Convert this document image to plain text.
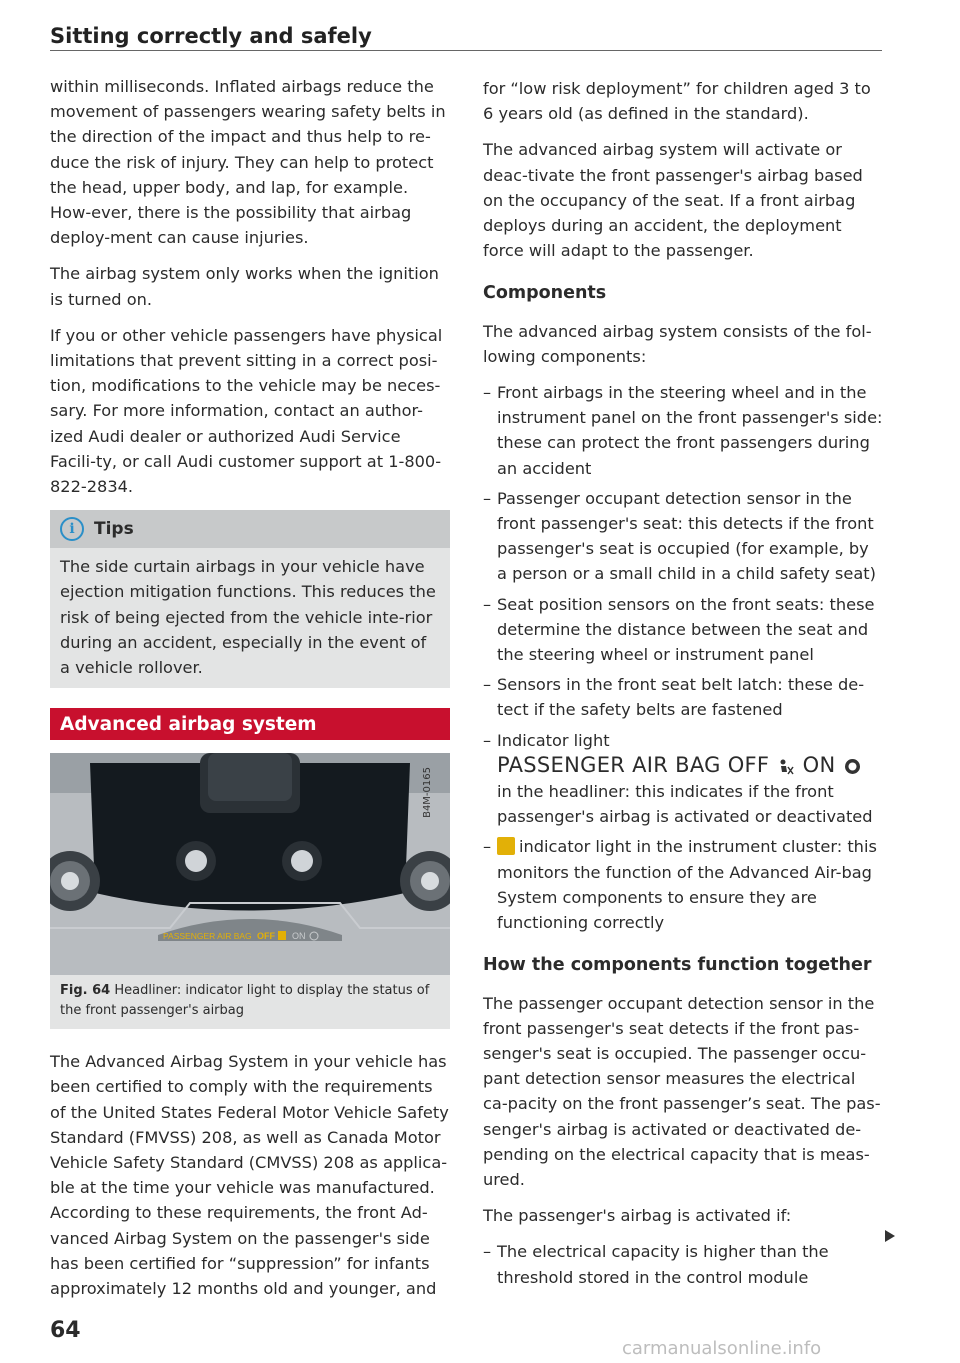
Sitting correctly and safely

within milliseconds. Inflated airbags reduce the movement of passengers wearing safety belts in the direction of the impact and thus help to re-duce the risk of injury. They can help to protect the head, upper body, and lap, for example. How-ever, there is the possibility that airbag deploy-ment can cause injuries.

The airbag system only works when the ignition is turned on.

If you or other vehicle passengers have physical limitations that prevent sitting in a correct posi-tion, modifications to the vehicle may be neces-sary. For more information, contact an author-ized Audi dealer or authorized Audi Service Facili-ty, or call Audi customer support at 1-800-822-2834.

i	Tips
The side curtain airbags in your vehicle have ejection mitigation functions. This reduces the risk of being ejected from the vehicle inte-rior during an accident, especially in the event of a vehicle rollover.
Advanced airbag system
PASSENGER AIR BAG OFF ON
B4M-0165
Fig. 64 Headliner: indicator light to display the status of the front passenger's airbag

The Advanced Airbag System in your vehicle has been certified to comply with the requirements of the United States Federal Motor Vehicle Safety Standard (FMVSS) 208, as well as Canada Motor Vehicle Safety Standard (CMVSS) 208 as applica-ble at the time your vehicle was manufactured. According to these requirements, the front Ad-vanced Airbag System on the passenger's side has been certified for “suppression” for infants approximately 12 months old and younger, and

for “low risk deployment” for children aged 3 to 6 years old (as defined in the standard).

The advanced airbag system will activate or deac-tivate the front passenger's airbag based on the occupancy of the seat. If a front airbag deploys during an accident, the deployment force will adapt to the passenger.

Components

The advanced airbag system consists of the fol-lowing components:

– Front airbags in the steering wheel and in the instrument panel on the front passenger's side: these can protect the front passengers during an accident
– Passenger occupant detection sensor in the front passenger's seat: this detects if the front passenger's seat is occupied (for example, by a person or a small child in a child safety seat)
– Seat position sensors on the front seats: these determine the distance between the seat and the steering wheel or instrument panel
– Sensors in the front seat belt latch: these de-tect if the safety belts are fastened
– Indicator light
PASSENGER AIR BAG OFF ON  in the headliner: this indicates if the front passenger's airbag is activated or deactivated
– indicator light in the instrument cluster: this monitors the function of the Advanced Air-bag System components to ensure they are functioning correctly
How the components function together

The passenger occupant detection sensor in the front passenger's seat detects if the front pas-senger's seat is occupied. The passenger occu-pant detection sensor measures the electrical ca-pacity on the front passenger’s seat. The pas-senger's airbag is activated or deactivated de-pending on the electrical capacity that is meas-ured.

The passenger's airbag is activated if:

– The electrical capacity is higher than the threshold stored in the control module
64
carmanualsonline.info
